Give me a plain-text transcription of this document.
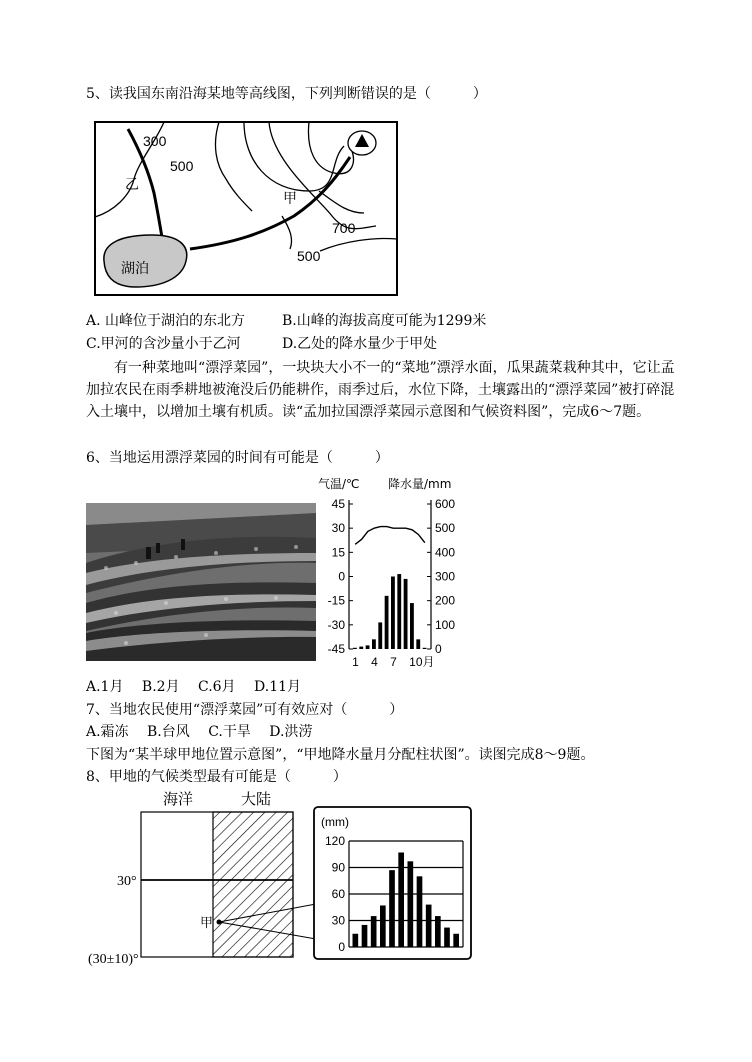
5、读我国东南沿海某地等高线图，下列判断错误的是（　　　）
湖泊
300
500
乙
甲
700
500
A. 山峰位于湖泊的东北方	B.山峰的海拔高度可能为1299米
C.甲河的含沙量小于乙河	D.乙处的降水量少于甲处
有一种菜地叫“漂浮菜园”，一块块大小不一的“菜地”漂浮水面，瓜果蔬菜栽种其中，它让孟加拉农民在雨季耕地被淹没后仍能耕作，雨季过后，水位下降，土壤露出的“漂浮菜园”被打碎混入土壤中，以增加土壤有机质。读“孟加拉国漂浮菜园示意图和气候资料图”，完成6～7题。
6、当地运用漂浮菜园的时间有可能是（　　　）
气温/℃ 降水量/mm
45
30
15
0
-15
-30
-45
600
500
400
300
200
100
0
1 4 7 10月
A.1月　 B.2月　 C.6月　 D.11月
7、当地农民使用“漂浮菜园”可有效应对（　　　）
A.霜冻　 B.台风　 C.干旱　 D.洪涝
下图为“某半球甲地位置示意图”，“甲地降水量月分配柱状图”。读图完成8～9题。
8、甲地的气候类型最有可能是（　　　）
海洋	大陆
30°
(30±10)°
甲
(mm)
120
90
60
30
0
